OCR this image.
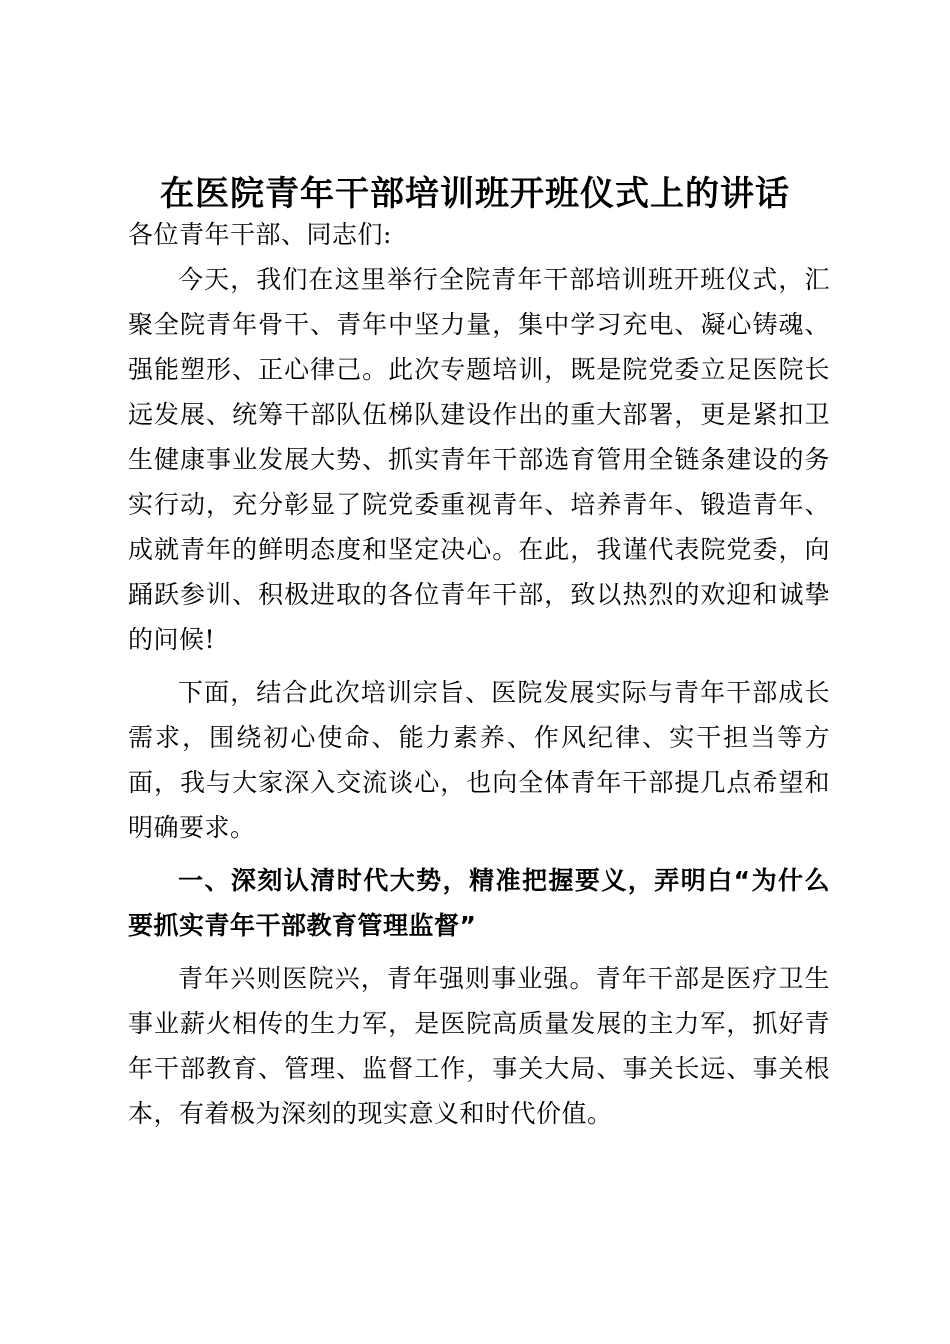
在医院青年干部培训班开班仪式上的讲话

各位青年干部、同志们:

今天，我们在这里举行全院青年干部培训班开班仪式，汇聚全院青年骨干、青年中坚力量，集中学习充电、凝心铸魂、强能塑形、正心律己。此次专题培训，既是院党委立足医院长远发展、统筹干部队伍梯队建设作出的重大部署，更是紧扣卫生健康事业发展大势、抓实青年干部选育管用全链条建设的务实行动，充分彰显了院党委重视青年、培养青年、锻造青年、成就青年的鲜明态度和坚定决心。在此，我谨代表院党委，向踊跃参训、积极进取的各位青年干部，致以热烈的欢迎和诚挚的问候!

下面，结合此次培训宗旨、医院发展实际与青年干部成长需求，围绕初心使命、能力素养、作风纪律、实干担当等方面，我与大家深入交流谈心，也向全体青年干部提几点希望和明确要求。

一、深刻认清时代大势，精准把握要义，弄明白“为什么要抓实青年干部教育管理监督”

青年兴则医院兴，青年强则事业强。青年干部是医疗卫生事业薪火相传的生力军，是医院高质量发展的主力军，抓好青年干部教育、管理、监督工作，事关大局、事关长远、事关根本，有着极为深刻的现实意义和时代价值。
